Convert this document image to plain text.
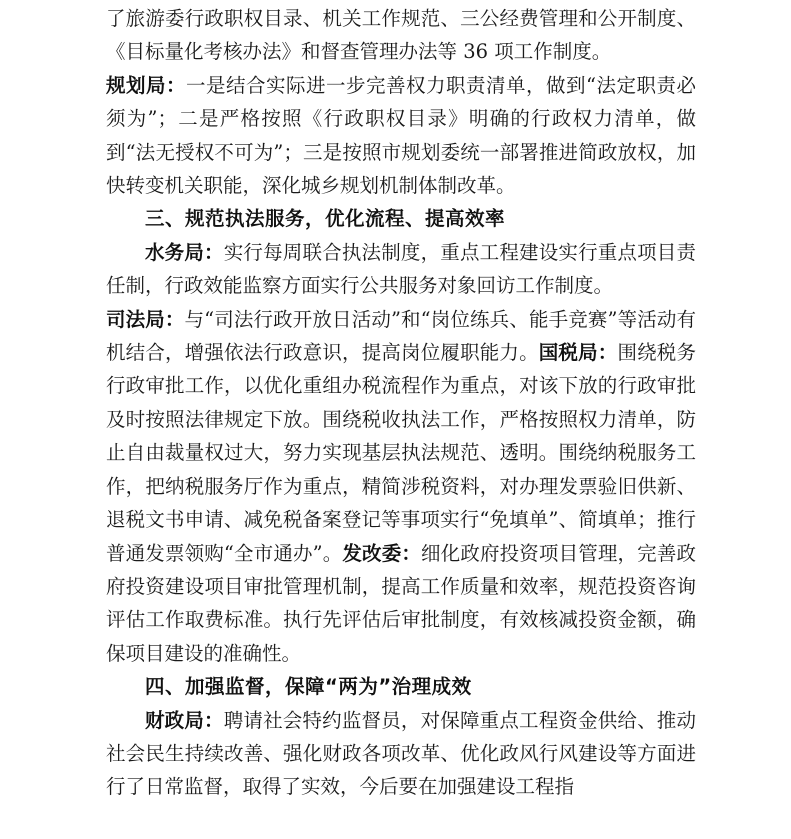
了旅游委行政职权目录、机关工作规范、三公经费管理和公开制度、《目标量化考核办法》和督查管理办法等 36 项工作制度。

规划局：一是结合实际进一步完善权力职责清单，做到“法定职责必须为”；二是严格按照《行政职权目录》明确的行政权力清单，做到“法无授权不可为”；三是按照市规划委统一部署推进简政放权，加快转变机关职能，深化城乡规划机制体制改革。

三、规范执法服务，优化流程、提高效率

水务局：实行每周联合执法制度，重点工程建设实行重点项目责任制，行政效能监察方面实行公共服务对象回访工作制度。

司法局：与“司法行政开放日活动”和“岗位练兵、能手竞赛”等活动有机结合，增强依法行政意识，提高岗位履职能力。国税局：围绕税务行政审批工作，以优化重组办税流程作为重点，对该下放的行政审批及时按照法律规定下放。围绕税收执法工作，严格按照权力清单，防止自由裁量权过大，努力实现基层执法规范、透明。围绕纳税服务工作，把纳税服务厅作为重点，精简涉税资料，对办理发票验旧供新、退税文书申请、减免税备案登记等事项实行“免填单”、简填单；推行普通发票领购“全市通办”。发改委：细化政府投资项目管理，完善政府投资建设项目审批管理机制，提高工作质量和效率，规范投资咨询评估工作取费标准。执行先评估后审批制度，有效核减投资金额，确保项目建设的准确性。

四、加强监督，保障“两为”治理成效

财政局：聘请社会特约监督员，对保障重点工程资金供给、推动社会民生持续改善、强化财政各项改革、优化政风行风建设等方面进行了日常监督，取得了实效，今后要在加强建设工程指
